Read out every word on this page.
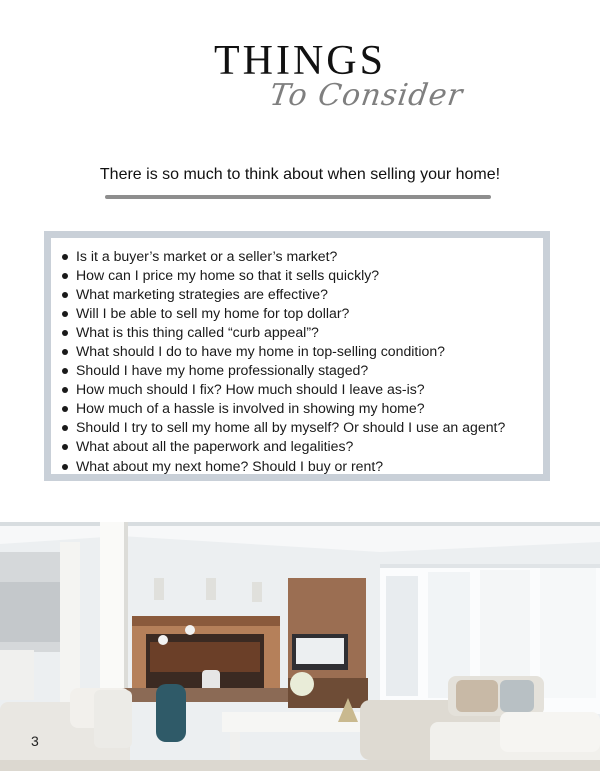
THINGS
To Consider
There is so much to think about when selling your home!
Is it a buyer’s market or a seller’s market?
How can I price my home so that it sells quickly?
What marketing strategies are effective?
Will I be able to sell my home for top dollar?
What is this thing called “curb appeal”?
What should I do to have my home in top-selling condition?
Should I have my home professionally staged?
How much should I fix? How much should I leave as-is?
How much of a hassle is involved in showing my home?
Should I try to sell my home all by myself? Or should I use an agent?
What about all the paperwork and legalities?
What about my next home? Should I buy or rent?
3
